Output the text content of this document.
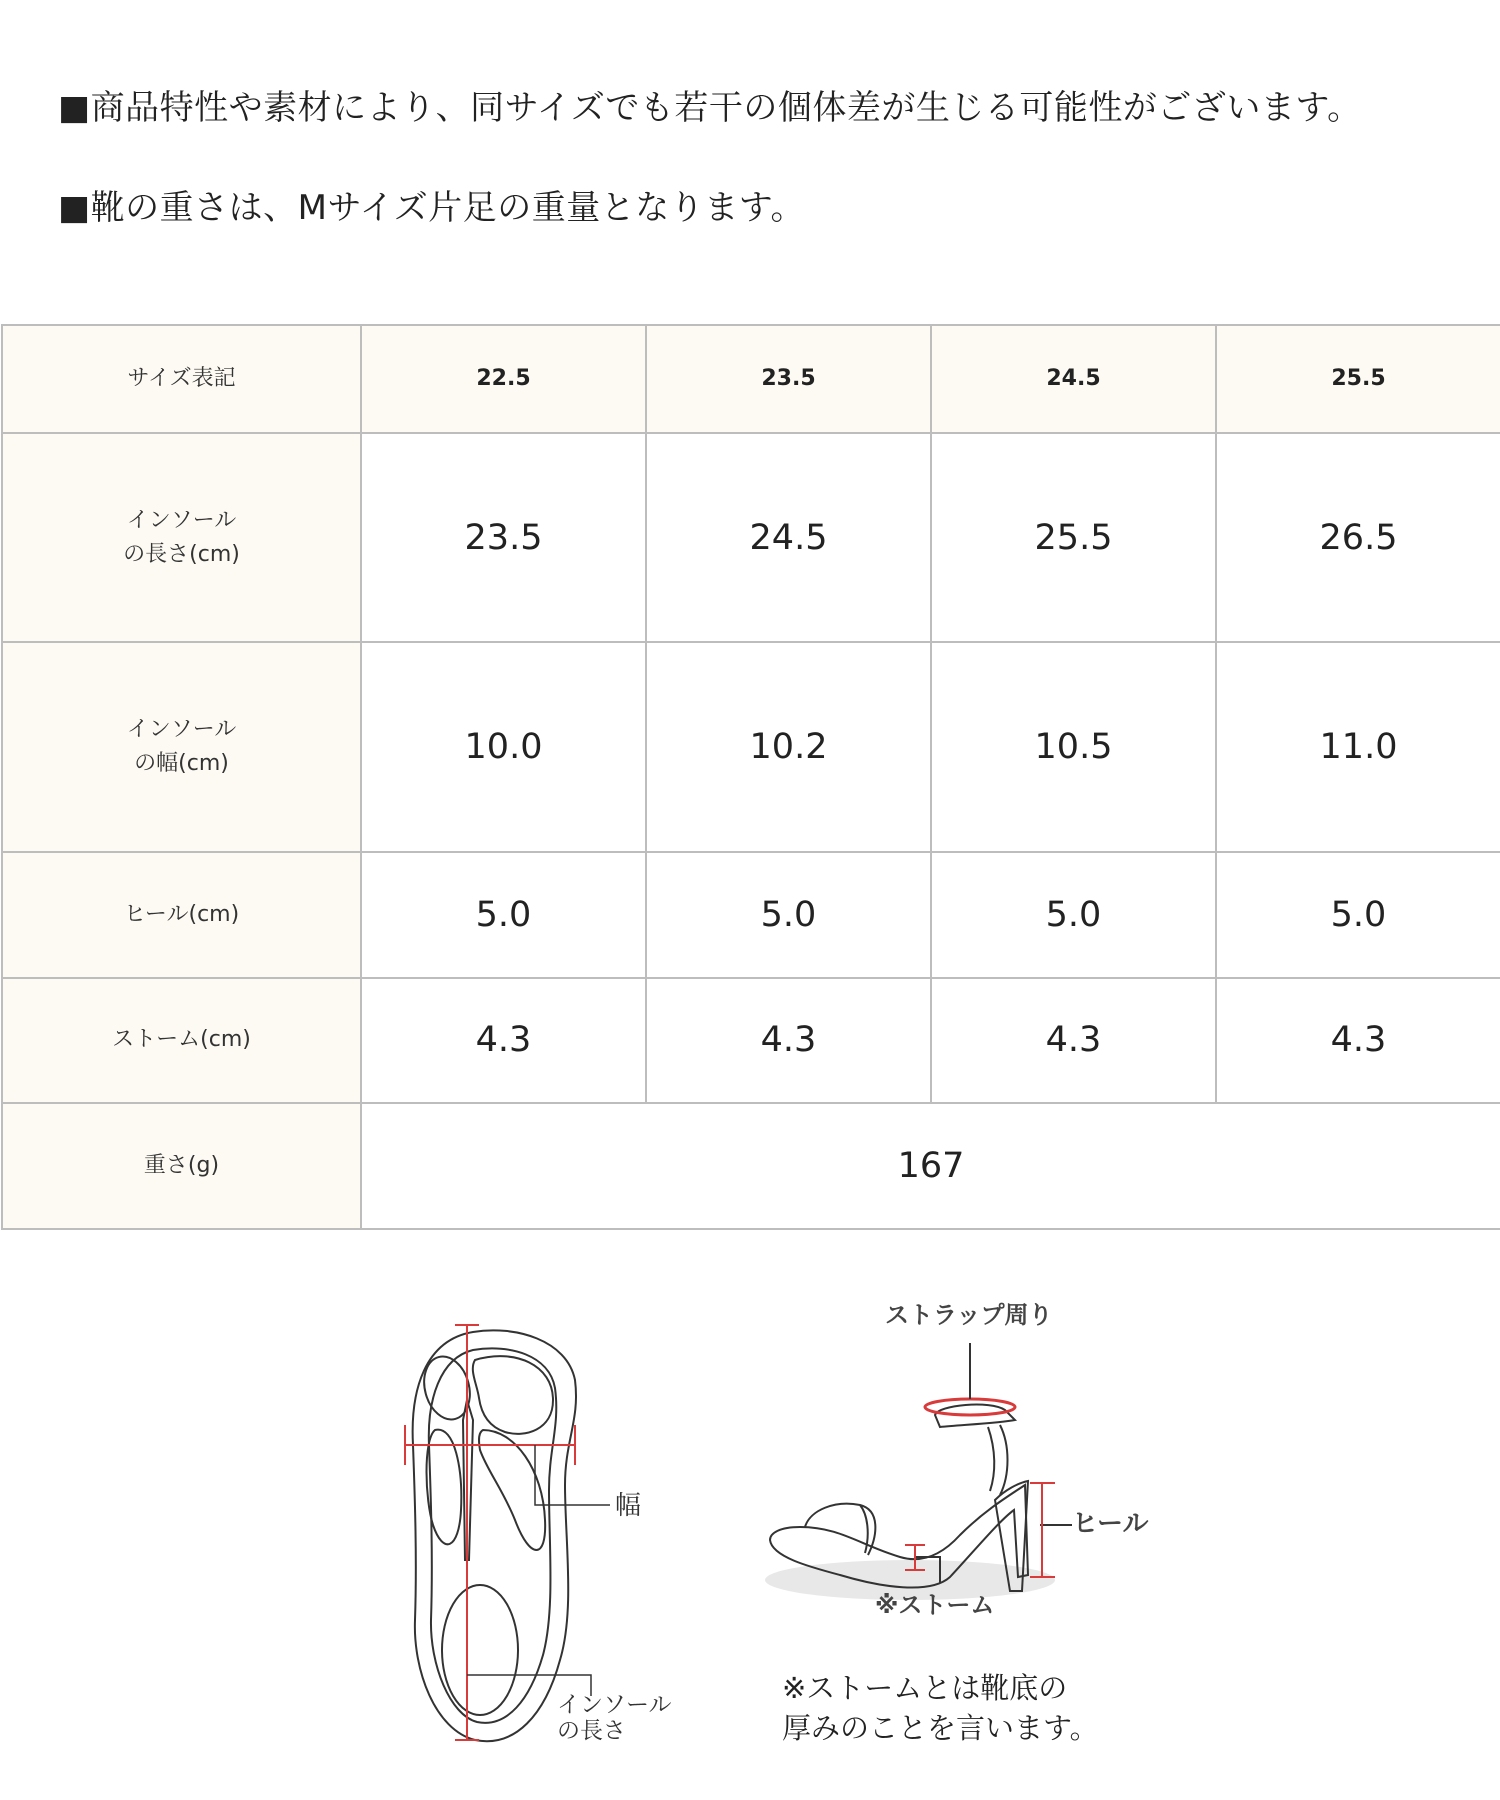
■商品特性や素材により、同サイズでも若干の個体差が生じる可能性がございます。

■靴の重さは、Mサイズ片足の重量となります。

サイズ表記	22.5	23.5	24.5	25.5

インソール
の長さ(cm)	23.5	24.5	25.5	26.5

インソール
の幅(cm)	10.0	10.2	10.5	11.0
ヒール(cm)	5.0	5.0	5.0	5.0
ストーム(cm)	4.3	4.3	4.3	4.3
重さ(g)	167			
幅
インソール
の長さ
ストラップ周り
ヒール
※ストーム
※ストームとは靴底の
厚みのことを言います。
